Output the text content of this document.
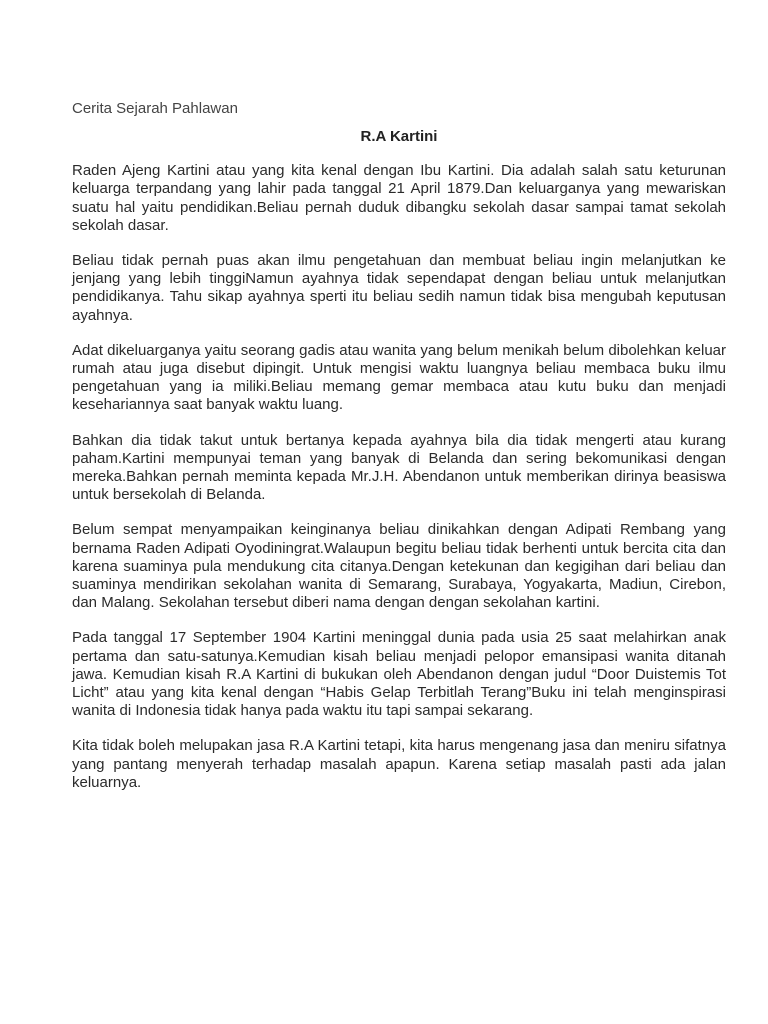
Cerita Sejarah Pahlawan

R.A Kartini

Raden Ajeng Kartini atau yang kita kenal dengan Ibu Kartini. Dia adalah salah satu keturunan keluarga terpandang yang lahir pada tanggal 21 April 1879.Dan keluarganya yang mewariskan suatu hal yaitu pendidikan.Beliau pernah duduk dibangku sekolah dasar sampai tamat sekolah sekolah dasar.

Beliau tidak pernah puas akan ilmu pengetahuan dan membuat beliau ingin melanjutkan ke jenjang yang lebih tinggiNamun ayahnya tidak sependapat dengan beliau untuk melanjutkan pendidikanya. Tahu sikap ayahnya sperti itu beliau sedih namun tidak bisa mengubah keputusan ayahnya.

Adat dikeluarganya yaitu seorang gadis atau wanita yang belum menikah belum dibolehkan keluar rumah atau juga disebut dipingit. Untuk mengisi waktu luangnya beliau membaca buku ilmu pengetahuan yang ia miliki.Beliau memang gemar membaca atau kutu buku dan menjadi kesehariannya saat banyak waktu luang.

Bahkan dia tidak takut untuk bertanya kepada ayahnya bila dia tidak mengerti atau kurang paham.Kartini mempunyai teman yang banyak di Belanda dan sering bekomunikasi dengan mereka.Bahkan pernah meminta kepada Mr.J.H. Abendanon untuk memberikan dirinya beasiswa untuk bersekolah di Belanda.

Belum sempat menyampaikan keinginanya beliau dinikahkan dengan Adipati Rembang yang bernama Raden Adipati Oyodiningrat.Walaupun begitu beliau tidak berhenti untuk bercita cita dan karena suaminya pula mendukung cita citanya.Dengan ketekunan dan kegigihan dari beliau dan suaminya mendirikan sekolahan wanita di Semarang, Surabaya, Yogyakarta, Madiun, Cirebon, dan Malang. Sekolahan tersebut diberi nama dengan dengan sekolahan kartini.

Pada tanggal 17 September 1904 Kartini meninggal dunia pada usia 25 saat melahirkan anak pertama dan satu-satunya.Kemudian kisah beliau menjadi pelopor emansipasi wanita ditanah jawa. Kemudian kisah R.A Kartini di bukukan oleh Abendanon dengan judul “Door Duistemis Tot Licht” atau yang kita kenal dengan “Habis Gelap Terbitlah Terang”Buku ini telah menginspirasi wanita di Indonesia tidak hanya pada waktu itu tapi sampai sekarang.

Kita tidak boleh melupakan jasa R.A Kartini tetapi, kita harus mengenang jasa dan meniru sifatnya yang pantang menyerah terhadap masalah apapun. Karena setiap masalah pasti ada jalan keluarnya.
